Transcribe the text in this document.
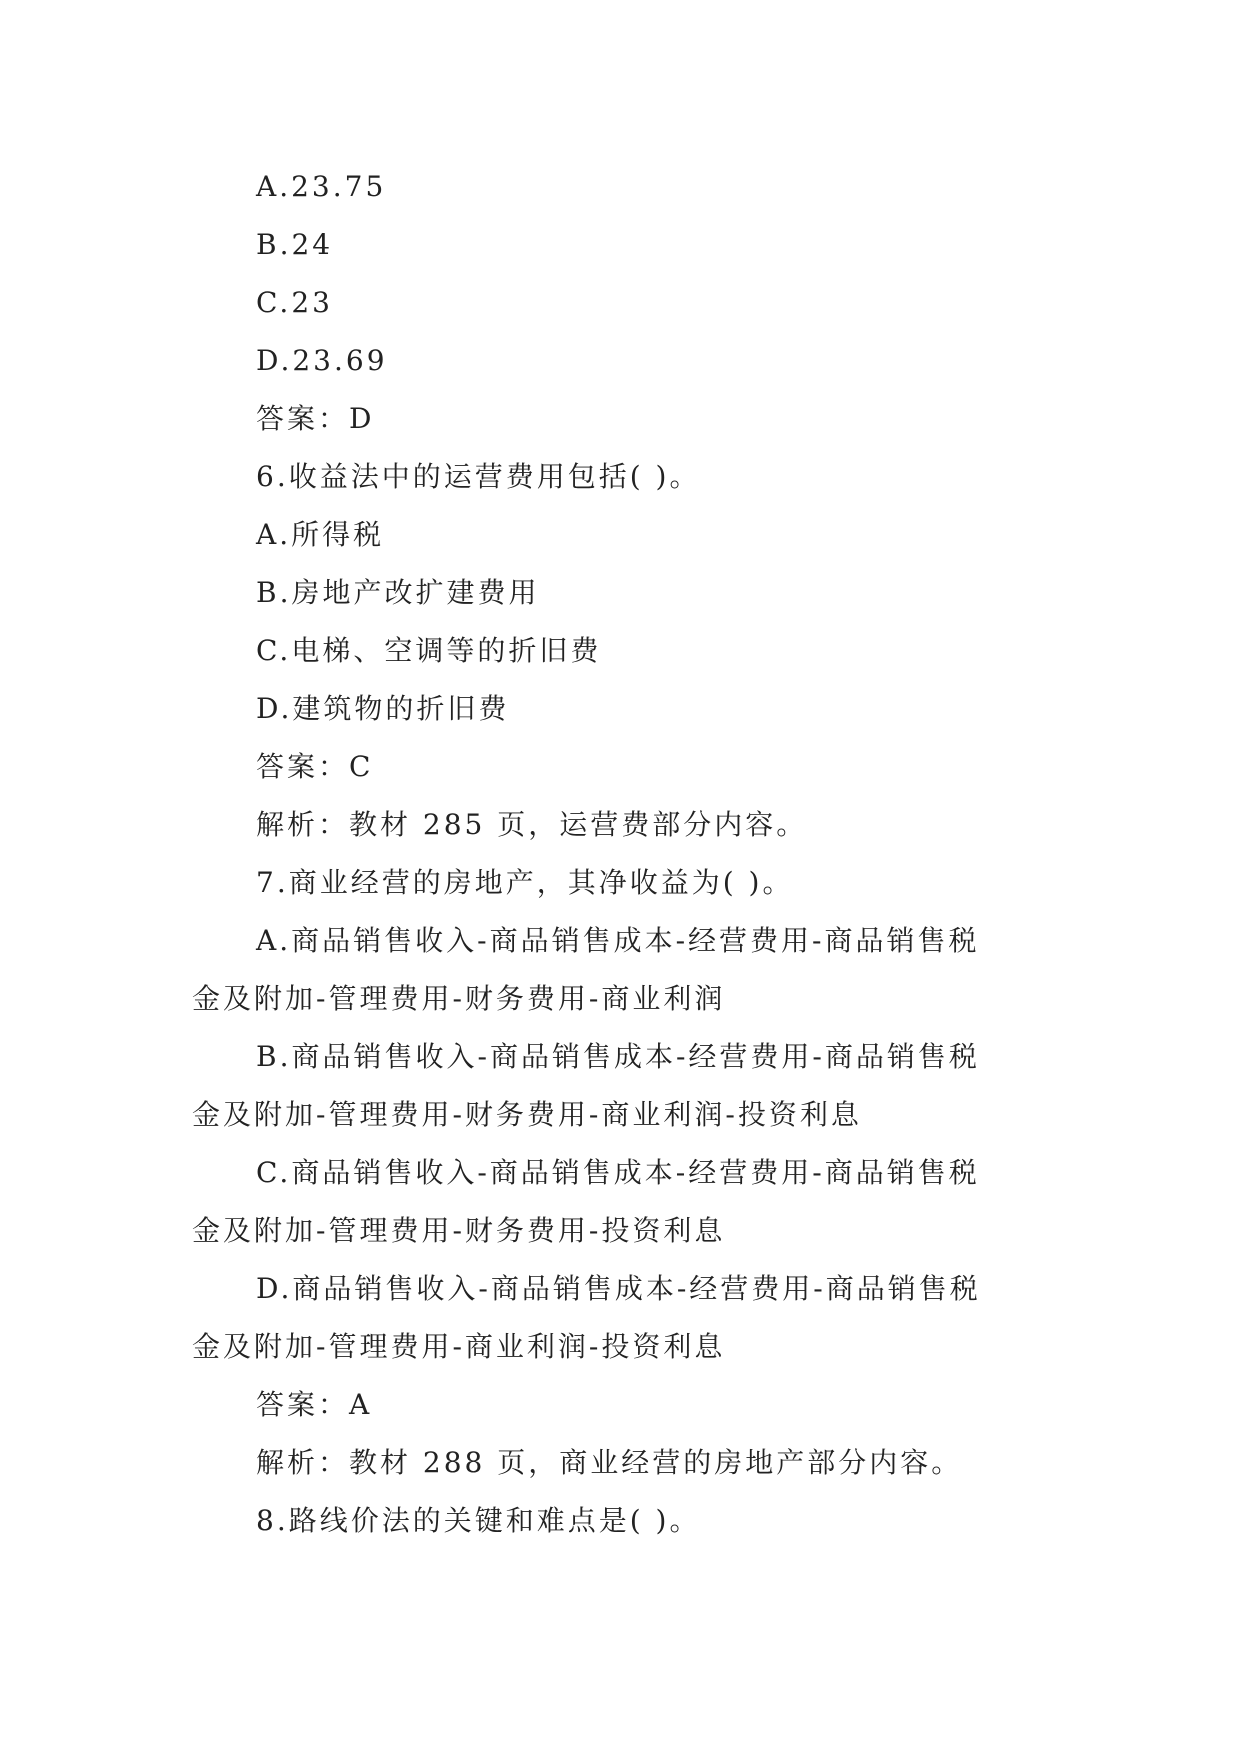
A.23.75
B.24
C.23
D.23.69
答案：D
6.收益法中的运营费用包括( )。
A.所得税
B.房地产改扩建费用
C.电梯、空调等的折旧费
D.建筑物的折旧费
答案：C
解析：教材 285 页，运营费部分内容。
7.商业经营的房地产，其净收益为( )。
A.商品销售收入-商品销售成本-经营费用-商品销售税
金及附加-管理费用-财务费用-商业利润
B.商品销售收入-商品销售成本-经营费用-商品销售税
金及附加-管理费用-财务费用-商业利润-投资利息
C.商品销售收入-商品销售成本-经营费用-商品销售税
金及附加-管理费用-财务费用-投资利息
D.商品销售收入-商品销售成本-经营费用-商品销售税
金及附加-管理费用-商业利润-投资利息
答案：A
解析：教材 288 页，商业经营的房地产部分内容。
8.路线价法的关键和难点是( )。
